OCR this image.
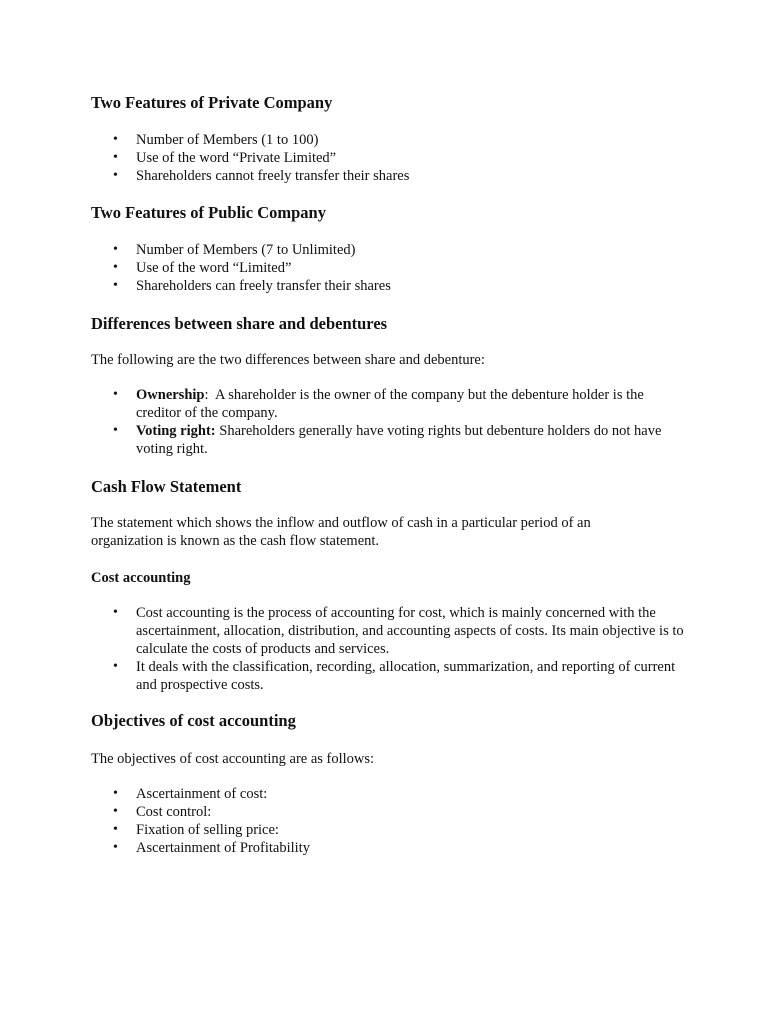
Two Features of Private Company
• Number of Members (1 to 100)
• Use of the word “Private Limited”
• Shareholders cannot freely transfer their shares
Two Features of Public Company
• Number of Members (7 to Unlimited)
• Use of the word “Limited”
• Shareholders can freely transfer their shares
Differences between share and debentures

The following are the two differences between share and debenture:

• Ownership:  A shareholder is the owner of the company but the debenture holder is the creditor of the company.
• Voting right: Shareholders generally have voting rights but debenture holders do not have voting right.
Cash Flow Statement

The statement which shows the inflow and outflow of cash in a particular period of an organization is known as the cash flow statement.

Cost accounting
• Cost accounting is the process of accounting for cost, which is mainly concerned with the ascertainment, allocation, distribution, and accounting aspects of costs. Its main objective is to calculate the costs of products and services.
• It deals with the classification, recording, allocation, summarization, and reporting of current and prospective costs.
Objectives of cost accounting

The objectives of cost accounting are as follows:

• Ascertainment of cost:
• Cost control:
• Fixation of selling price:
• Ascertainment of Profitability
